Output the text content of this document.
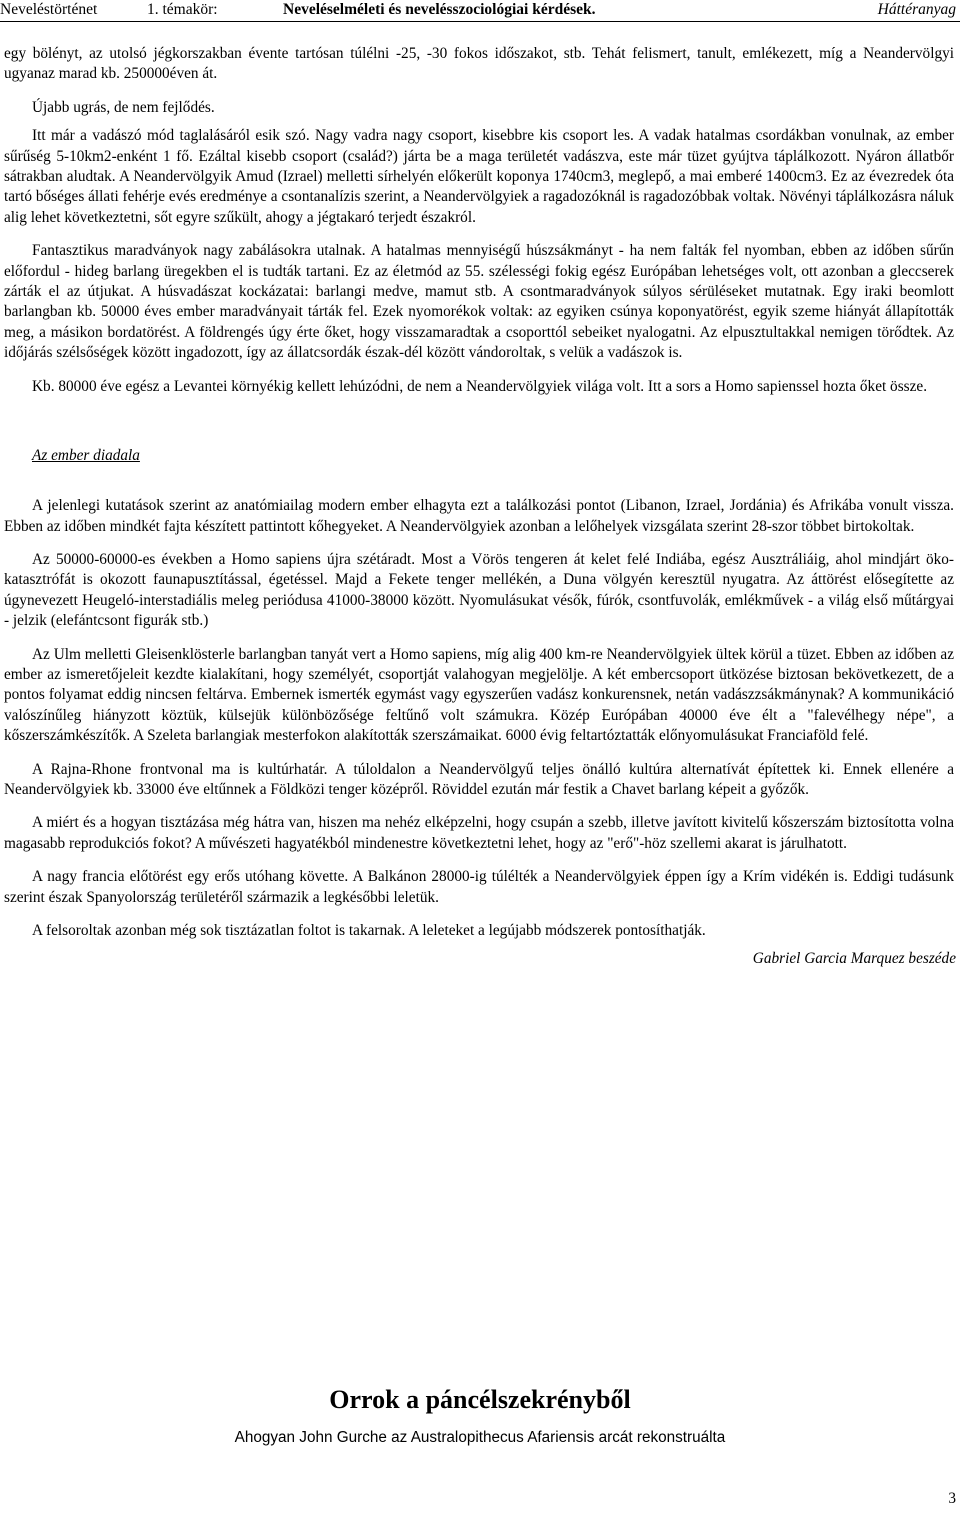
Neveléstörténet	1. témakör:	Neveléselméleti és nevelésszociológiai kérdések.	Háttéranyag

egy bölényt, az utolsó jégkorszakban évente tartósan túlélni -25, -30 fokos időszakot, stb. Tehát felismert, tanult, emlékezett, míg a Neandervölgyi ugyanaz marad kb. 250000éven át.

Újabb ugrás, de nem fejlődés.

Itt már a vadászó mód taglalásáról esik szó. Nagy vadra nagy csoport, kisebbre kis csoport les. A vadak hatalmas csordákban vonulnak, az ember sűrűség 5-10km2-enként 1 fő. Ezáltal kisebb csoport (család?) járta be a maga területét vadászva, este már tüzet gyújtva táplálkozott. Nyáron állatbőr sátrakban aludtak. A Neandervölgyik Amud (Izrael) melletti sírhelyén előkerült koponya 1740cm3, meglepő, a mai emberé 1400cm3. Ez az évezredek óta tartó bőséges állati fehérje evés eredménye a csontanalízis szerint, a Neandervölgyiek a ragadozóknál is ragadozóbbak voltak. Növényi táplálkozásra náluk alig lehet következtetni, sőt egyre szűkült, ahogy a jégtakaró terjedt északról.

Fantasztikus maradványok nagy zabálásokra utalnak. A hatalmas mennyiségű húszsákmányt - ha nem falták fel nyomban, ebben az időben sűrűn előfordul - hideg barlang üregekben el is tudták tartani. Ez az életmód az 55. szélességi fokig egész Európában lehetséges volt, ott azonban a gleccserek zárták el az útjukat. A húsvadászat kockázatai: barlangi medve, mamut stb. A csontmaradványok súlyos sérüléseket mutatnak. Egy iraki beomlott barlangban kb. 50000 éves ember maradványait tárták fel. Ezek nyomorékok voltak: az egyiken csúnya koponyatörést, egyik szeme hiányát állapították meg, a másikon bordatörést. A földrengés úgy érte őket, hogy visszamaradtak a csoporttól sebeiket nyalogatni. Az elpusztultakkal nemigen törődtek. Az időjárás szélsőségek között ingadozott, így az állatcsordák észak-dél között vándoroltak, s velük a vadászok is.

Kb. 80000 éve egész a Levantei környékig kellett lehúzódni, de nem a Neandervölgyiek világa volt. Itt a sors a Homo sapienssel hozta őket össze.

Az ember diadala

A jelenlegi kutatások szerint az anatómiailag modern ember elhagyta ezt a találkozási pontot (Libanon, Izrael, Jordánia) és Afrikába vonult vissza. Ebben az időben mindkét fajta készített pattintott kőhegyeket. A Neandervölgyiek azonban a lelőhelyek vizsgálata szerint 28-szor többet birtokoltak.

Az 50000-60000-es években a Homo sapiens újra szétáradt. Most a Vörös tengeren át kelet felé Indiába, egész Ausztráliáig, ahol mindjárt öko-katasztrófát is okozott faunapusztítással, égetéssel. Majd a Fekete tenger mellékén, a Duna völgyén keresztül nyugatra. Az áttörést elősegítette az úgynevezett Heugeló-interstadiális meleg periódusa 41000-38000 között. Nyomulásukat vésők, fúrók, csontfuvolák, emlékművek - a világ első műtárgyai - jelzik (elefántcsont figurák stb.)

Az Ulm melletti Gleisenklösterle barlangban tanyát vert a Homo sapiens, míg alig 400 km-re Neandervölgyiek ültek körül a tüzet. Ebben az időben az ember az ismeretőjeleit kezdte kialakítani, hogy személyét, csoportját valahogyan megjelölje. A két embercsoport ütközése biztosan bekövetkezett, de a pontos folyamat eddig nincsen feltárva. Embernek ismerték egymást vagy egyszerűen vadász konkurensnek, netán vadászzsákmánynak? A kommunikáció valószínűleg hiányzott köztük, külsejük különbözősége feltűnő volt számukra. Közép Európában 40000 éve élt a "falevélhegy népe", a kőszerszámkészítők. A Szeleta barlangiak mesterfokon alakították szerszámaikat. 6000 évig feltartóztatták előnyomulásukat Franciaföld felé.

A Rajna-Rhone frontvonal ma is kultúrhatár. A túloldalon a Neandervölgyű teljes önálló kultúra alternatívát építettek ki. Ennek ellenére a Neandervölgyiek kb. 33000 éve eltűnnek a Földközi tenger középről. Röviddel ezután már festik a Chavet barlang képeit a győzők.

A miért és a hogyan tisztázása még hátra van, hiszen ma nehéz elképzelni, hogy csupán a szebb, illetve javított kivitelű kőszerszám biztosította volna magasabb reprodukciós fokot? A művészeti hagyatékból mindenestre következtetni lehet, hogy az "erő"-höz szellemi akarat is járulhatott.

A nagy francia előtörést egy erős utóhang követte. A Balkánon 28000-ig túlélték a Neandervölgyiek éppen így a Krím vidékén is. Eddigi tudásunk szerint észak Spanyolország területéről származik a legkésőbbi leletük.

A felsoroltak azonban még sok tisztázatlan foltot is takarnak. A leleteket a legújabb módszerek pontosíthatják.

Gabriel Garcia Marquez beszéde
Orrok a páncélszekrényből
Ahogyan John Gurche az Australopithecus Afariensis arcát rekonstruálta
3
